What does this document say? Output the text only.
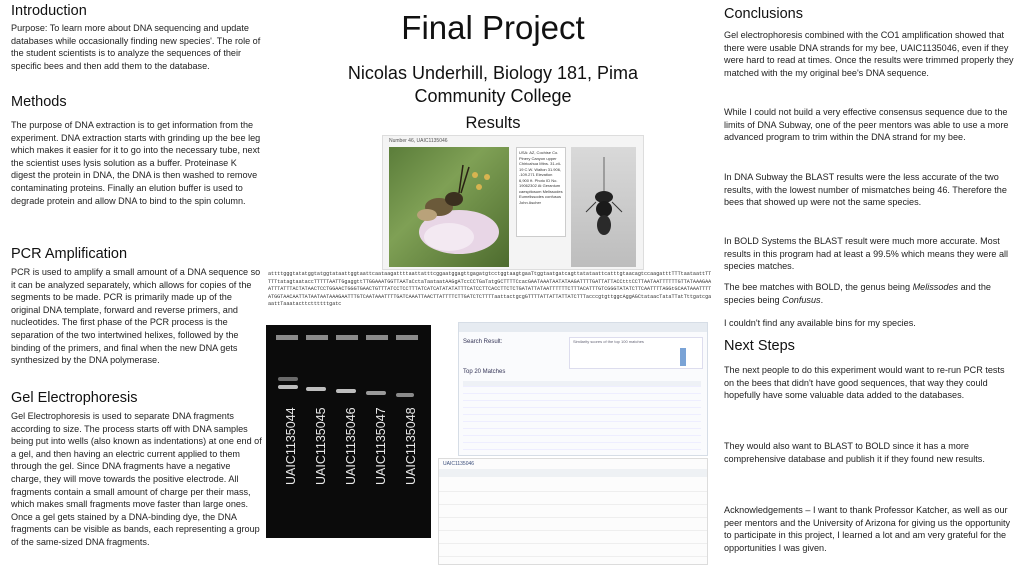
Introduction

Purpose: To learn more about DNA sequencing and update databases while occasionally finding new species'. The role of the student scientists is to analyze the sequences of their specific bees and then add them to the database.

Methods

The purpose of DNA extraction is to get information from the experiment. DNA extraction starts with grinding up the bee leg which makes it easier for it to go into the necessary tube, next the scientist uses lysis solution as a buffer. Proteinase K digest the protein in DNA, the DNA is then washed to remove contaminating proteins. Finally an elution buffer is used to degrade protein and allow DNA to bind to the spin column.

PCR Amplification

PCR is used to amplify a small amount of a DNA sequence so it can be analyzed separately, which allows for copies of the segments to be made. PCR is primarily made up of the original DNA template, forward and reverse primers, and nucleotides. The first phase of the PCR process is the separation of the two intertwined helixes, followed by the binding of the primers, and final when the new DNA gets synthesized by the DNA polymerase.

Gel Electrophoresis

Gel Electrophoresis is used to separate DNA fragments according to size. The process starts off with DNA samples being put into wells (also known as indentations) at one end of a gel, and then having an electric current applied to them through the gel. Since DNA fragments have a negative charge, they will move towards the positive electrode. All fragments contain a small amount of charge per their mass, which makes small fragments move faster than large ones. Once a gel gets stained by a DNA-binding dye, the DNA fragments can be visible as bands, each representing a group of the same-sized DNA fragments.

Final Project
Nicolas Underhill, Biology 181, Pima
Community College
Results
Number 46, UAIC1135046
USA: AZ, Cochise Co. Pinery Canyon upper Chiricahua Mtns. 31-vii-19 C.W. Walton 31.906, -109.271 Elevation 6,900 ft. Photo ID No. 19062302 At Geranium caespitosum Melissodes Eumelissodes confusus John Ascher
attttgggtatatggtatggtataattggtaattcaataagattttaattatttcggaatggagttgagatgtcctggtaagtgaaTtggtaatgatcagttatataattcatttgtaacagtccaagatttTTTtaataattTTTTTtatagtaataccTTTTTAATTGgaggttTTGGAAATGGTTAATaCctaTaataatAAGgATccCCTGaTatgGCTTTTCcacGAATAAATAATATAAGATTTTGATTATTACCtttCCTTAATAATTTTTTGTTATAAAGAAATTTATTTACTATAACTCCTGGAACTGGGTGAACTGTTTATCCTCCTTTATCATCATATATATTTCATCCTTCACCTTCTCTGATATTATAATTTTTTCTTTACATTTGTCGGGTATATCTTCAATTTTAGGtGCAATAAATTTTATGGTAACAATTATAATAATAAAGAATTTGTCAATAAATTTTGATCAAATTAACTTATTTTCTTGATCTCTTTTaattactgcgGTTTTATTATTATTATCTTTacccgtgttggcAggAGCtataacTataTTatTttgatcgaaattTaaatacttcttttttgatc
UAIC1135044 UAIC1135045 UAIC1135046 UAIC1135047 UAIC1135048
Search Result:	Similarity scores of the top 100 matches
Top 20 Matches
UAIC1135046
Conclusions

Gel electrophoresis combined with the CO1 amplification showed that there were usable DNA strands for my bee, UAIC1135046, even if they were hard to read at times. Once the results were trimmed properly they matched with the my original bee's DNA sequence.

While I could not build a very effective consensus sequence due to the limits of DNA Subway, one of the peer mentors was able to use a more advanced program to trim within the DNA strand for my bee.

In DNA Subway the BLAST results were the less accurate of the two results, with the lowest number of mismatches being 46. Therefore the bees that showed up were not the same species.

In BOLD Systems the BLAST result were much more accurate. Most results in this program had at least a 99.5% which means they were all species matches.

The bee matches with BOLD, the genus being Melissodes and the species being Confusus.

I couldn't find any available bins for my species.

Next Steps

The next people to do this experiment would want to re-run PCR tests on the bees that didn't have good sequences, that way they could hopefully have some valuable data added to the databases.

They would also want to BLAST to BOLD since it has a more comprehensive database and publish it if they found new results.

Acknowledgements – I want to thank Professor Katcher, as well as our peer mentors and the University of Arizona for giving us the opportunity to participate in this project, I learned a lot and am very grateful for the opportunities I was given.
